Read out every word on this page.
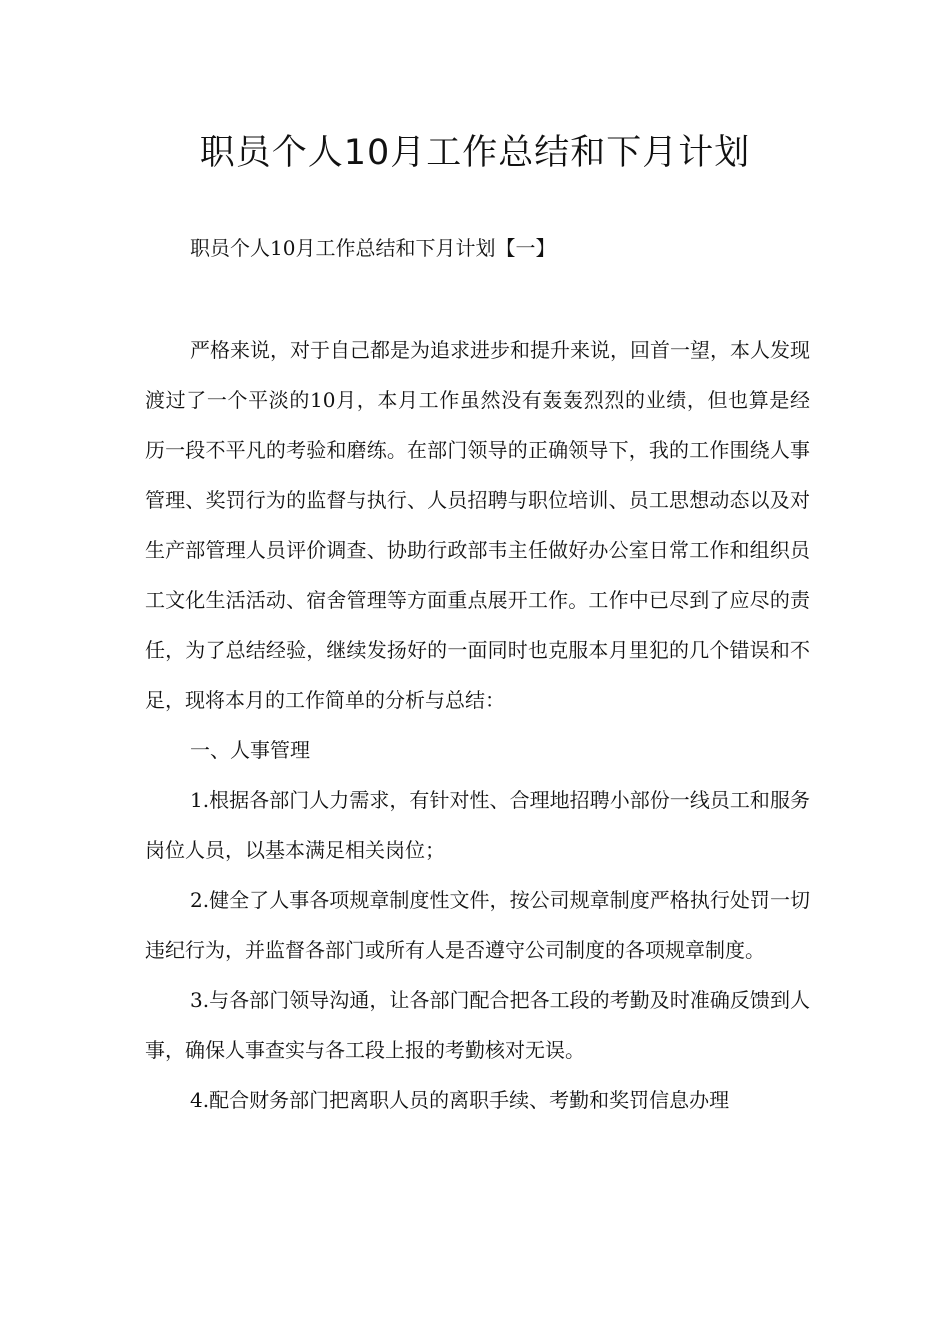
职员个人10月工作总结和下月计划
职员个人10月工作总结和下月计划【一】

严格来说，对于自己都是为追求进步和提升来说，回首一望，本人发现渡过了一个平淡的10月，本月工作虽然没有轰轰烈烈的业绩，但也算是经历一段不平凡的考验和磨练。在部门领导的正确领导下，我的工作围绕人事管理、奖罚行为的监督与执行、人员招聘与职位培训、员工思想动态以及对生产部管理人员评价调查、协助行政部韦主任做好办公室日常工作和组织员工文化生活活动、宿舍管理等方面重点展开工作。工作中已尽到了应尽的责任，为了总结经验，继续发扬好的一面同时也克服本月里犯的几个错误和不足，现将本月的工作简单的分析与总结：

一、人事管理

1.根据各部门人力需求，有针对性、合理地招聘小部份一线员工和服务岗位人员，以基本满足相关岗位；

2.健全了人事各项规章制度性文件，按公司规章制度严格执行处罚一切违纪行为，并监督各部门或所有人是否遵守公司制度的各项规章制度。

3.与各部门领导沟通，让各部门配合把各工段的考勤及时准确反馈到人事，确保人事查实与各工段上报的考勤核对无误。

4.配合财务部门把离职人员的离职手续、考勤和奖罚信息办理
